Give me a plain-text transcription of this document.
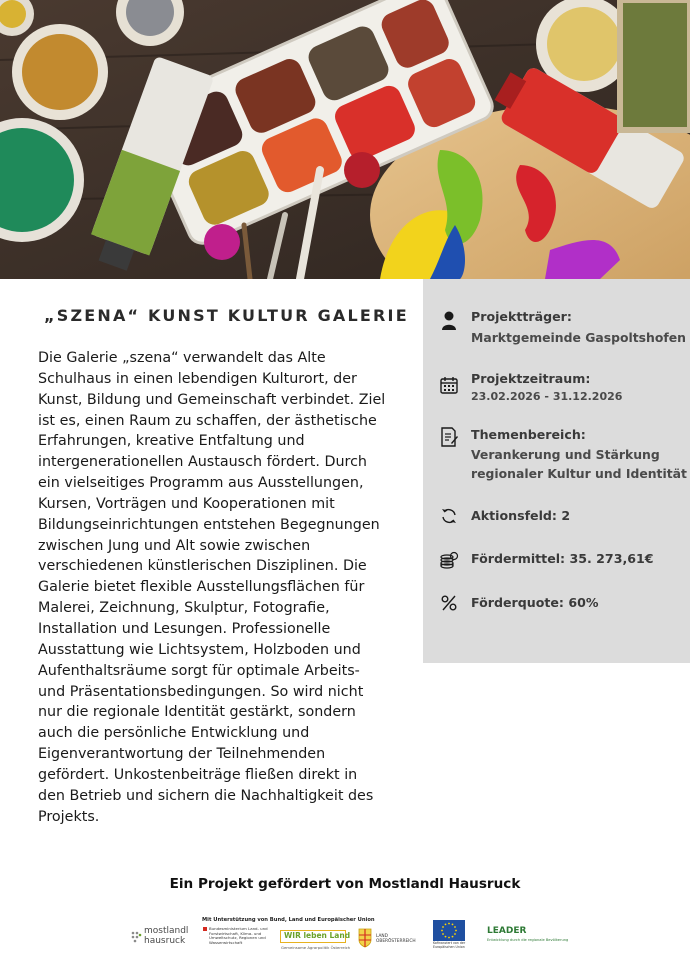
„SZENA“ KUNST KULTUR GALERIE
Die Galerie „szena“ verwandelt das Alte Schulhaus in einen lebendigen Kulturort, der Kunst, Bildung und Gemeinschaft verbindet. Ziel ist es, einen Raum zu schaffen, der ästhetische Erfahrungen, kreative Entfaltung und intergenerationellen Austausch fördert. Durch ein vielseitiges Programm aus Ausstellungen, Kursen, Vorträgen und Kooperationen mit Bildungseinrichtungen entstehen Begegnungen zwischen Jung und Alt sowie zwischen verschiedenen künstlerischen Disziplinen. Die Galerie bietet flexible Ausstellungsflächen für Malerei, Zeichnung, Skulptur, Fotografie, Installation und Lesungen. Professionelle Ausstattung wie Lichtsystem, Holzboden und Aufenthaltsräume sorgt für optimale Arbeits- und Präsentationsbedingungen. So wird nicht nur die regionale Identität gestärkt, sondern auch die persönliche Entwicklung und Eigenverantwortung der Teilnehmenden gefördert. Unkostenbeiträge fließen direkt in den Betrieb und sichern die Nachhaltigkeit des Projekts.
Projektträger:
Marktgemeinde Gaspoltshofen
Projektzeitraum:
23.02.2026 - 31.12.2026
Themenbereich:
Verankerung und Stärkung
regionaler Kultur und Identität
Aktionsfeld: 2
Fördermittel: 35. 273,61€
Förderquote: 60%
Ein Projekt gefördert von Mostlandl Hausruck
Mit Unterstützung von Bund, Land und Europäischer Union
mostlandl
hausruck
Bundesministerium Land- und Forstwirtschaft, Klima- und Umweltschutz, Regionen und Wasserwirtschaft
WIR leben Land
Gemeinsame Agrarpolitik Österreich
LAND
OBERÖSTERREICH	Kofinanziert von der Europäischen Union
LEADER
Entwicklung durch die regionale Bevölkerung
